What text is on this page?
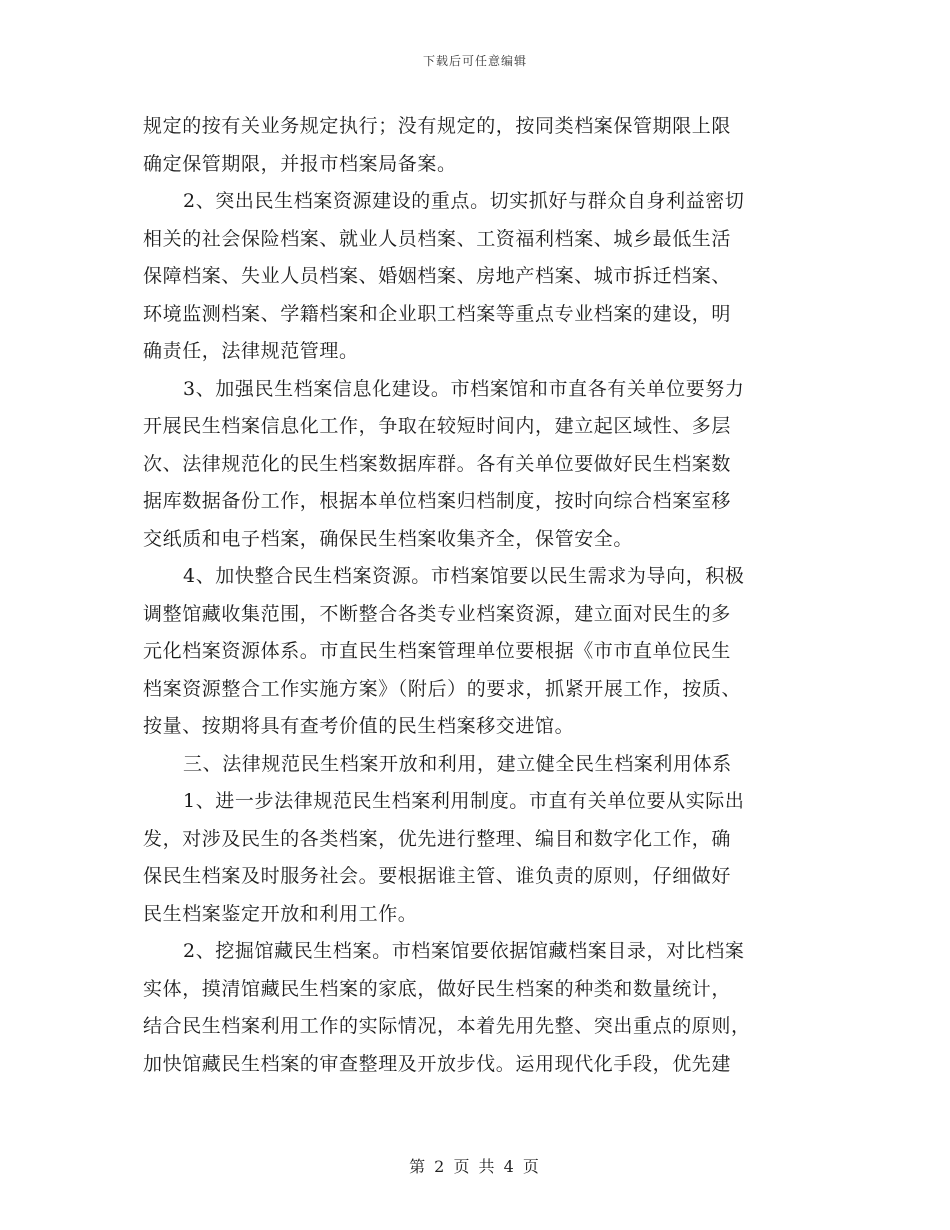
下载后可任意编辑
规定的按有关业务规定执行；没有规定的，按同类档案保管期限上限
确定保管期限，并报市档案局备案。
2、突出民生档案资源建设的重点。切实抓好与群众自身利益密切
相关的社会保险档案、就业人员档案、工资福利档案、城乡最低生活
保障档案、失业人员档案、婚姻档案、房地产档案、城市拆迁档案、
环境监测档案、学籍档案和企业职工档案等重点专业档案的建设，明
确责任，法律规范管理。
3、加强民生档案信息化建设。市档案馆和市直各有关单位要努力
开展民生档案信息化工作，争取在较短时间内，建立起区域性、多层
次、法律规范化的民生档案数据库群。各有关单位要做好民生档案数
据库数据备份工作，根据本单位档案归档制度，按时向综合档案室移
交纸质和电子档案，确保民生档案收集齐全，保管安全。
4、加快整合民生档案资源。市档案馆要以民生需求为导向，积极
调整馆藏收集范围，不断整合各类专业档案资源，建立面对民生的多
元化档案资源体系。市直民生档案管理单位要根据《市市直单位民生
档案资源整合工作实施方案》（附后）的要求，抓紧开展工作，按质、
按量、按期将具有查考价值的民生档案移交进馆。
三、法律规范民生档案开放和利用，建立健全民生档案利用体系
1、进一步法律规范民生档案利用制度。市直有关单位要从实际出
发，对涉及民生的各类档案，优先进行整理、编目和数字化工作，确
保民生档案及时服务社会。要根据谁主管、谁负责的原则，仔细做好
民生档案鉴定开放和利用工作。
2、挖掘馆藏民生档案。市档案馆要依据馆藏档案目录，对比档案
实体，摸清馆藏民生档案的家底，做好民生档案的种类和数量统计，
结合民生档案利用工作的实际情况，本着先用先整、突出重点的原则，
加快馆藏民生档案的审查整理及开放步伐。运用现代化手段，优先建
第 2 页 共 4 页
